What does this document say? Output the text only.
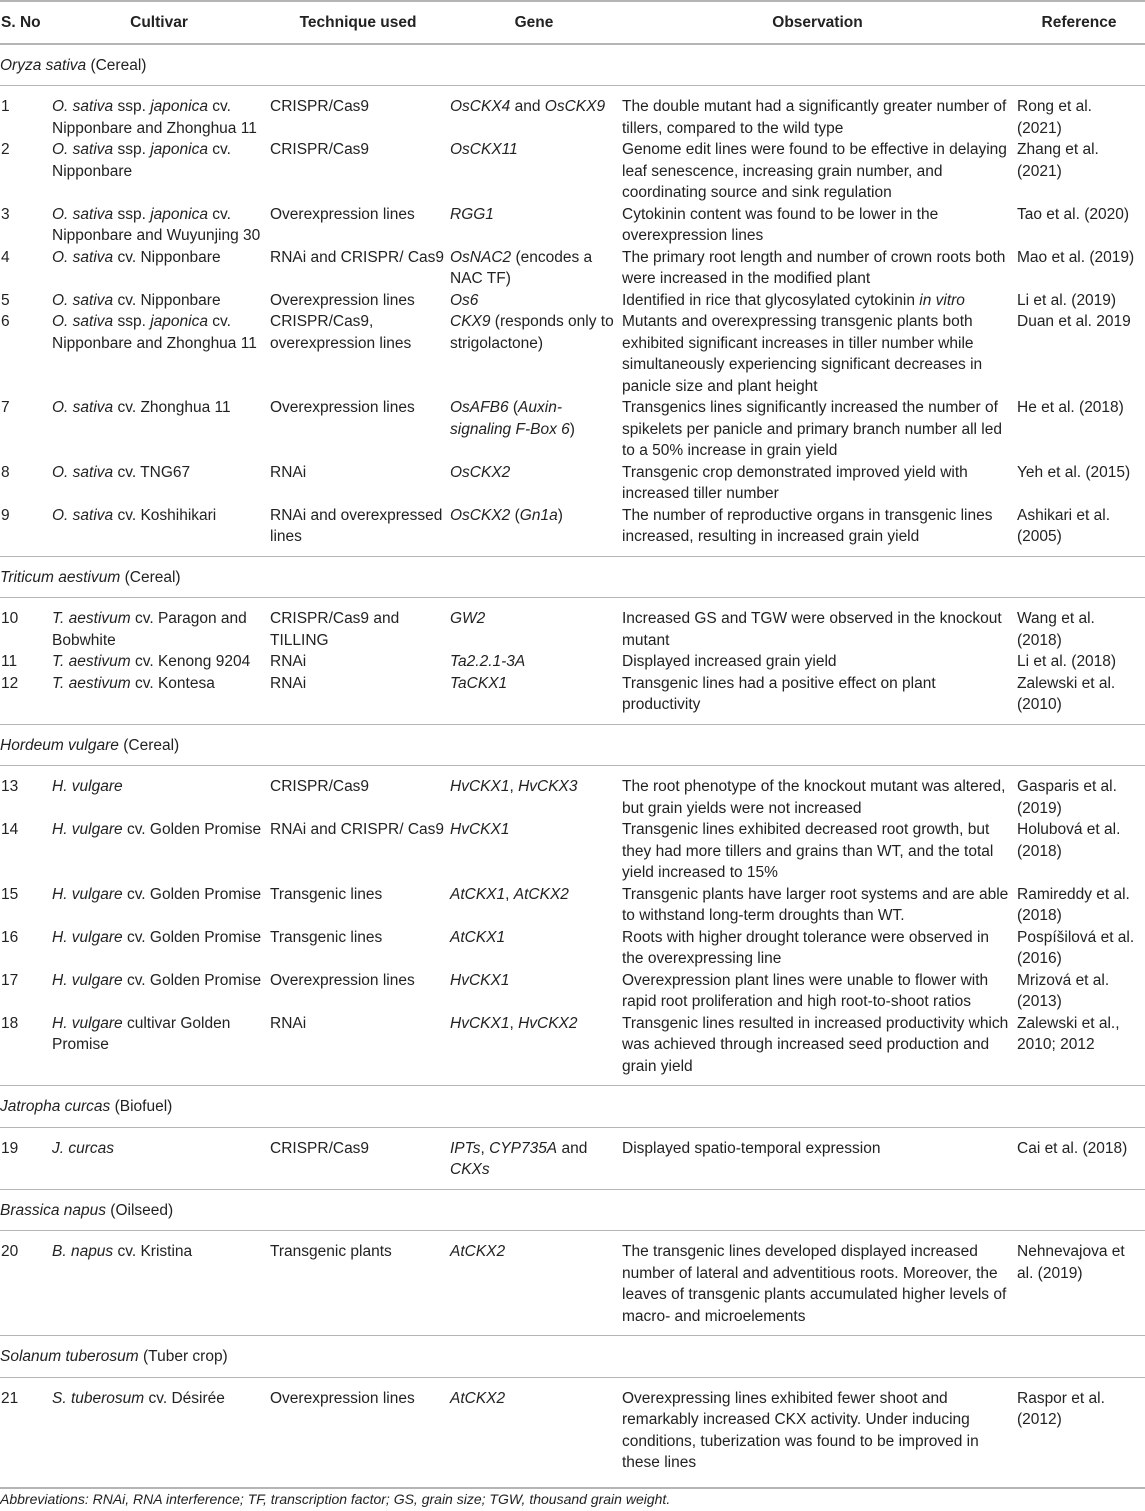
S. No	Cultivar	Technique used	Gene	Observation	Reference
Oryza sativa (Cereal)					

1	O. sativa ssp. japonica cv. Nipponbare and Zhonghua 11	CRISPR/Cas9	OsCKX4 and OsCKX9	The double mutant had a significantly greater number of tillers, compared to the wild type	Rong et al. (2021)
2	O. sativa ssp. japonica cv. Nipponbare	CRISPR/Cas9	OsCKX11	Genome edit lines were found to be effective in delaying leaf senescence, increasing grain number, and coordinating source and sink regulation	Zhang et al. (2021)
3	O. sativa ssp. japonica cv. Nipponbare and Wuyunjing 30	Overexpression lines	RGG1	Cytokinin content was found to be lower in the overexpression lines	Tao et al. (2020)
4	O. sativa cv. Nipponbare	RNAi and CRISPR/ Cas9	OsNAC2 (encodes a NAC TF)	The primary root length and number of crown roots both were increased in the modified plant	Mao et al. (2019)
5	O. sativa cv. Nipponbare	Overexpression lines	Os6	Identified in rice that glycosylated cytokinin in vitro	Li et al. (2019)
6	O. sativa ssp. japonica cv. Nipponbare and Zhonghua 11	CRISPR/Cas9, overexpression lines	CKX9 (responds only to strigolactone)	Mutants and overexpressing transgenic plants both exhibited significant increases in tiller number while simultaneously experiencing significant decreases in panicle size and plant height	Duan et al. 2019
7	O. sativa cv. Zhonghua 11	Overexpression lines	OsAFB6 (Auxin-signaling F-Box 6)	Transgenics lines significantly increased the number of spikelets per panicle and primary branch number all led to a 50% increase in grain yield	He et al. (2018)
8	O. sativa cv. TNG67	RNAi	OsCKX2	Transgenic crop demonstrated improved yield with increased tiller number	Yeh et al. (2015)
9	O. sativa cv. Koshihikari	RNAi and overexpressed lines	OsCKX2 (Gn1a)	The number of reproductive organs in transgenic lines increased, resulting in increased grain yield	Ashikari et al. (2005)

Triticum aestivum (Cereal)					

10	T. aestivum cv. Paragon and Bobwhite	CRISPR/Cas9 and TILLING	GW2	Increased GS and TGW were observed in the knockout mutant	Wang et al. (2018)
11	T. aestivum cv. Kenong 9204	RNAi	Ta2.2.1-3A	Displayed increased grain yield	Li et al. (2018)
12	T. aestivum cv. Kontesa	RNAi	TaCKX1	Transgenic lines had a positive effect on plant productivity	Zalewski et al. (2010)

Hordeum vulgare (Cereal)					

13	H. vulgare	CRISPR/Cas9	HvCKX1, HvCKX3	The root phenotype of the knockout mutant was altered, but grain yields were not increased	Gasparis et al. (2019)
14	H. vulgare cv. Golden Promise	RNAi and CRISPR/ Cas9	HvCKX1	Transgenic lines exhibited decreased root growth, but they had more tillers and grains than WT, and the total yield increased to 15%	Holubová et al. (2018)
15	H. vulgare cv. Golden Promise	Transgenic lines	AtCKX1, AtCKX2	Transgenic plants have larger root systems and are able to withstand long-term droughts than WT.	Ramireddy et al. (2018)
16	H. vulgare cv. Golden Promise	Transgenic lines	AtCKX1	Roots with higher drought tolerance were observed in the overexpressing line	Pospíšilová et al. (2016)
17	H. vulgare cv. Golden Promise	Overexpression lines	HvCKX1	Overexpression plant lines were unable to flower with rapid root proliferation and high root-to-shoot ratios	Mrizová et al. (2013)
18	H. vulgare cultivar Golden Promise	RNAi	HvCKX1, HvCKX2	Transgenic lines resulted in increased productivity which was achieved through increased seed production and grain yield	Zalewski et al., 2010; 2012

Jatropha curcas (Biofuel)					

19	J. curcas	CRISPR/Cas9	IPTs, CYP735A and CKXs	Displayed spatio-temporal expression	Cai et al. (2018)

Brassica napus (Oilseed)					

20	B. napus cv. Kristina	Transgenic plants	AtCKX2	The transgenic lines developed displayed increased number of lateral and adventitious roots. Moreover, the leaves of transgenic plants accumulated higher levels of macro- and microelements	Nehnevajova et al. (2019)

Solanum tuberosum (Tuber crop)					

21	S. tuberosum cv. Désirée	Overexpression lines	AtCKX2	Overexpressing lines exhibited fewer shoot and remarkably increased CKX activity. Under inducing conditions, tuberization was found to be improved in these lines	Raspor et al. (2012)

Abbreviations: RNAi, RNA interference; TF, transcription factor; GS, grain size; TGW, thousand grain weight.
